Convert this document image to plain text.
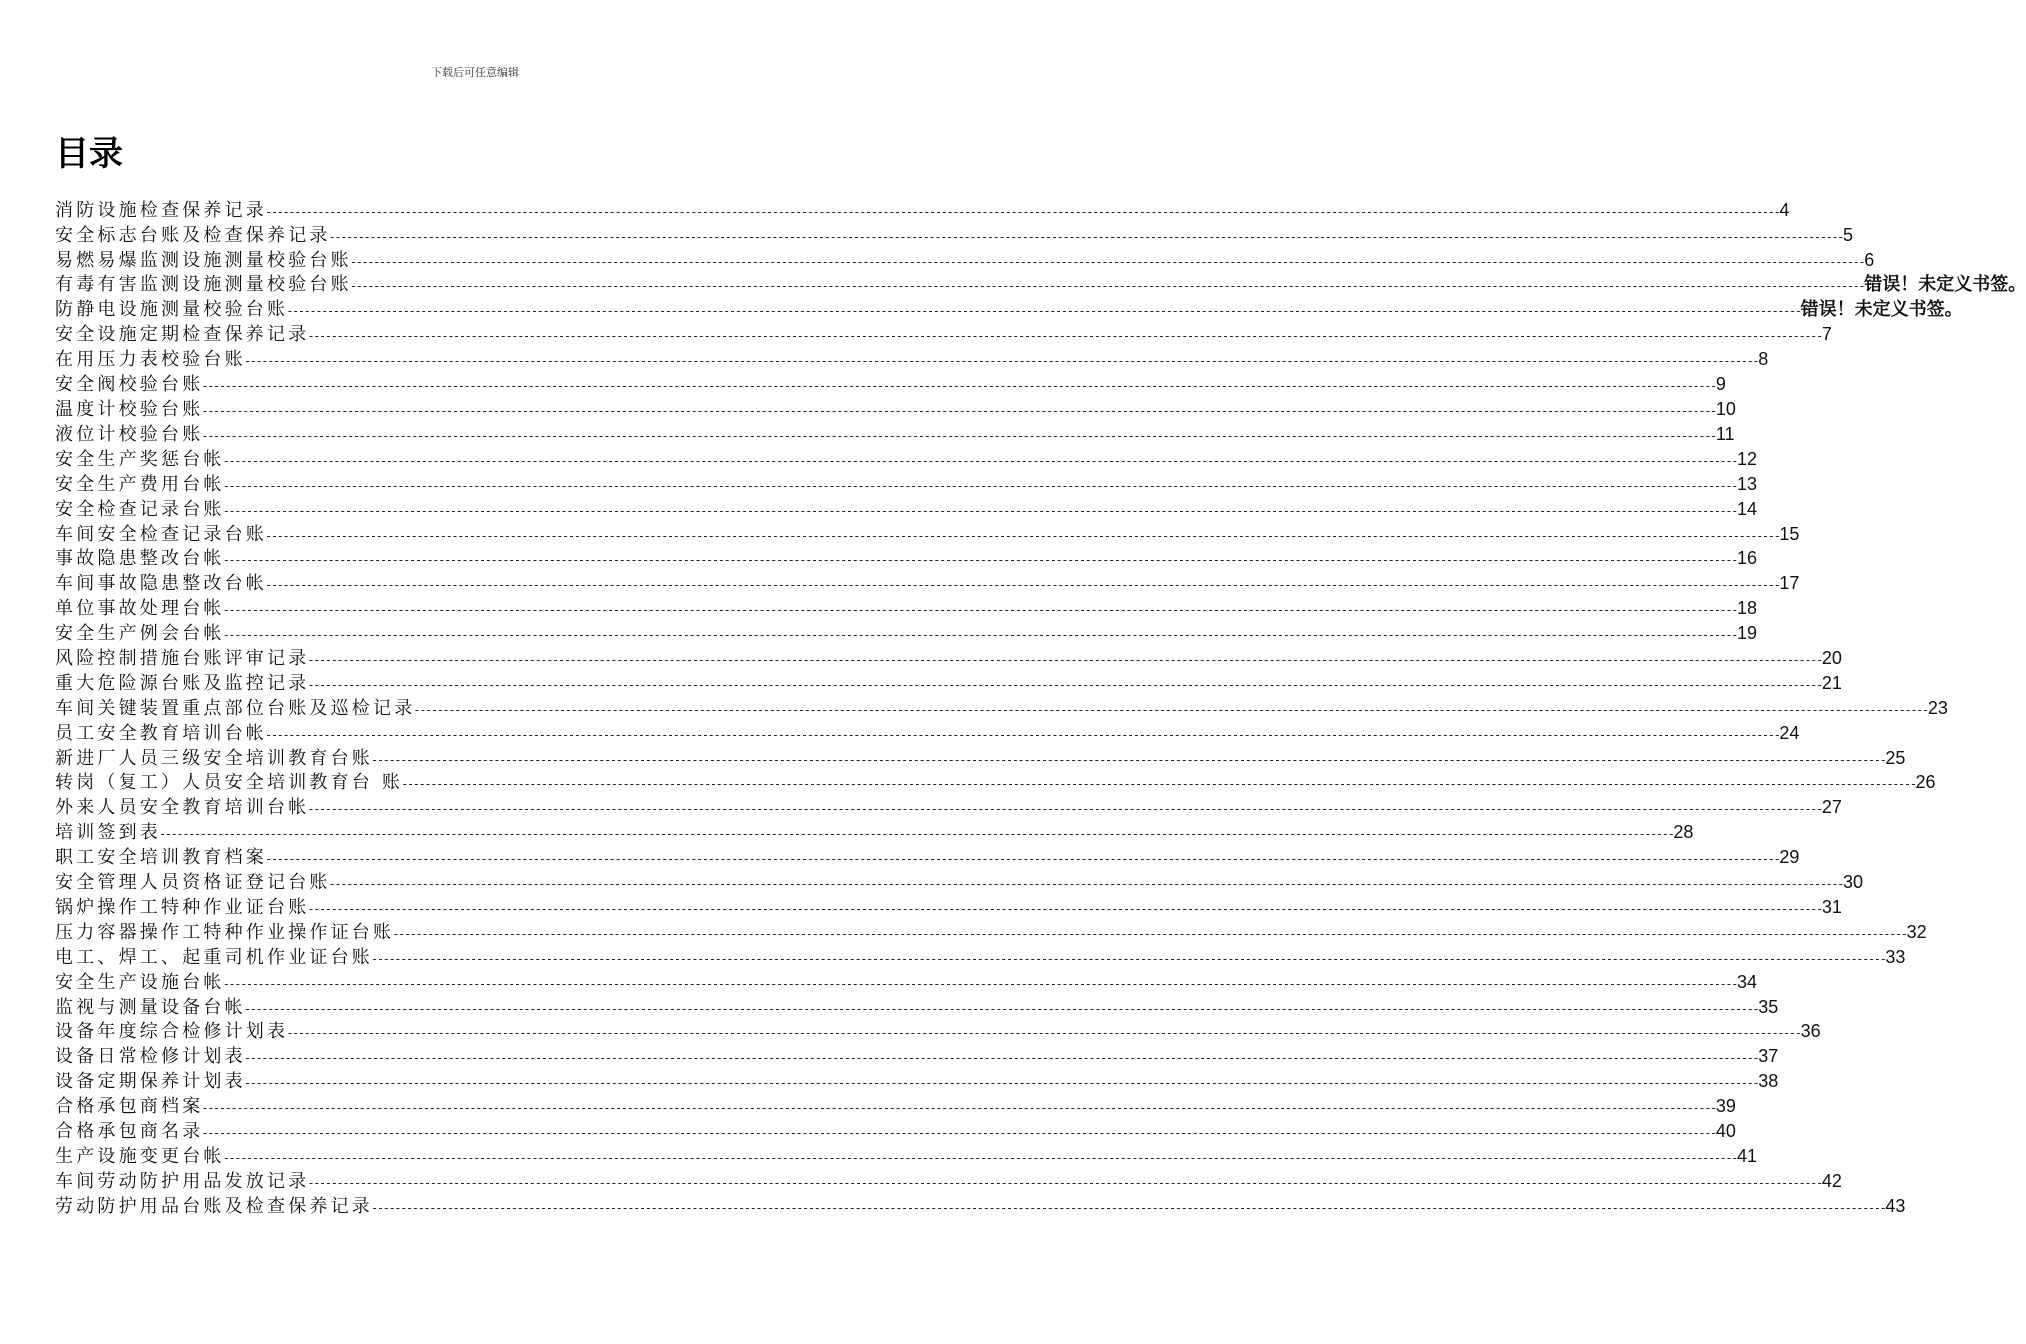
下载后可任意编辑
目录
消防设施检查保养记录
-------------------------------------------------------------------------------------------------------------------------------------------------------------------------------------------------------------------------------------------------------------------- 4
安全标志台账及检查保养记录
-------------------------------------------------------------------------------------------------------------------------------------------------------------------------------------------------------------------------------------------------------------------- 5
易燃易爆监测设施测量校验台账
-------------------------------------------------------------------------------------------------------------------------------------------------------------------------------------------------------------------------------------------------------------------- 6
有毒有害监测设施测量校验台账
-------------------------------------------------------------------------------------------------------------------------------------------------------------------------------------------------------------------------------------------------------------------- 错误！未定义书签。
防静电设施测量校验台账
-------------------------------------------------------------------------------------------------------------------------------------------------------------------------------------------------------------------------------------------------------------------- 错误！未定义书签。
安全设施定期检查保养记录
-------------------------------------------------------------------------------------------------------------------------------------------------------------------------------------------------------------------------------------------------------------------- 7
在用压力表校验台账
-------------------------------------------------------------------------------------------------------------------------------------------------------------------------------------------------------------------------------------------------------------------- 8
安全阀校验台账
-------------------------------------------------------------------------------------------------------------------------------------------------------------------------------------------------------------------------------------------------------------------- 9
温度计校验台账
-------------------------------------------------------------------------------------------------------------------------------------------------------------------------------------------------------------------------------------------------------------------- 10
液位计校验台账
-------------------------------------------------------------------------------------------------------------------------------------------------------------------------------------------------------------------------------------------------------------------- 11
安全生产奖惩台帐
-------------------------------------------------------------------------------------------------------------------------------------------------------------------------------------------------------------------------------------------------------------------- 12
安全生产费用台帐
-------------------------------------------------------------------------------------------------------------------------------------------------------------------------------------------------------------------------------------------------------------------- 13
安全检查记录台账
-------------------------------------------------------------------------------------------------------------------------------------------------------------------------------------------------------------------------------------------------------------------- 14
车间安全检查记录台账
-------------------------------------------------------------------------------------------------------------------------------------------------------------------------------------------------------------------------------------------------------------------- 15
事故隐患整改台帐
-------------------------------------------------------------------------------------------------------------------------------------------------------------------------------------------------------------------------------------------------------------------- 16
车间事故隐患整改台帐
-------------------------------------------------------------------------------------------------------------------------------------------------------------------------------------------------------------------------------------------------------------------- 17
单位事故处理台帐
-------------------------------------------------------------------------------------------------------------------------------------------------------------------------------------------------------------------------------------------------------------------- 18
安全生产例会台帐
-------------------------------------------------------------------------------------------------------------------------------------------------------------------------------------------------------------------------------------------------------------------- 19
风险控制措施台账评审记录
-------------------------------------------------------------------------------------------------------------------------------------------------------------------------------------------------------------------------------------------------------------------- 20
重大危险源台账及监控记录
-------------------------------------------------------------------------------------------------------------------------------------------------------------------------------------------------------------------------------------------------------------------- 21
车间关键装置重点部位台账及巡检记录
-------------------------------------------------------------------------------------------------------------------------------------------------------------------------------------------------------------------------------------------------------------------- 23
员工安全教育培训台帐
-------------------------------------------------------------------------------------------------------------------------------------------------------------------------------------------------------------------------------------------------------------------- 24
新进厂人员三级安全培训教育台账
-------------------------------------------------------------------------------------------------------------------------------------------------------------------------------------------------------------------------------------------------------------------- 25
转岗（复工）人员安全培训教育台 账
-------------------------------------------------------------------------------------------------------------------------------------------------------------------------------------------------------------------------------------------------------------------- 26
外来人员安全教育培训台帐
-------------------------------------------------------------------------------------------------------------------------------------------------------------------------------------------------------------------------------------------------------------------- 27
培训签到表
-------------------------------------------------------------------------------------------------------------------------------------------------------------------------------------------------------------------------------------------------------------------- 28
职工安全培训教育档案
-------------------------------------------------------------------------------------------------------------------------------------------------------------------------------------------------------------------------------------------------------------------- 29
安全管理人员资格证登记台账
-------------------------------------------------------------------------------------------------------------------------------------------------------------------------------------------------------------------------------------------------------------------- 30
锅炉操作工特种作业证台账
-------------------------------------------------------------------------------------------------------------------------------------------------------------------------------------------------------------------------------------------------------------------- 31
压力容器操作工特种作业操作证台账
-------------------------------------------------------------------------------------------------------------------------------------------------------------------------------------------------------------------------------------------------------------------- 32
电工、焊工、起重司机作业证台账
-------------------------------------------------------------------------------------------------------------------------------------------------------------------------------------------------------------------------------------------------------------------- 33
安全生产设施台帐
-------------------------------------------------------------------------------------------------------------------------------------------------------------------------------------------------------------------------------------------------------------------- 34
监视与测量设备台帐
-------------------------------------------------------------------------------------------------------------------------------------------------------------------------------------------------------------------------------------------------------------------- 35
设备年度综合检修计划表
-------------------------------------------------------------------------------------------------------------------------------------------------------------------------------------------------------------------------------------------------------------------- 36
设备日常检修计划表
-------------------------------------------------------------------------------------------------------------------------------------------------------------------------------------------------------------------------------------------------------------------- 37
设备定期保养计划表
-------------------------------------------------------------------------------------------------------------------------------------------------------------------------------------------------------------------------------------------------------------------- 38
合格承包商档案
-------------------------------------------------------------------------------------------------------------------------------------------------------------------------------------------------------------------------------------------------------------------- 39
合格承包商名录
-------------------------------------------------------------------------------------------------------------------------------------------------------------------------------------------------------------------------------------------------------------------- 40
生产设施变更台帐
-------------------------------------------------------------------------------------------------------------------------------------------------------------------------------------------------------------------------------------------------------------------- 41
车间劳动防护用品发放记录
-------------------------------------------------------------------------------------------------------------------------------------------------------------------------------------------------------------------------------------------------------------------- 42
劳动防护用品台账及检查保养记录
-------------------------------------------------------------------------------------------------------------------------------------------------------------------------------------------------------------------------------------------------------------------- 43
